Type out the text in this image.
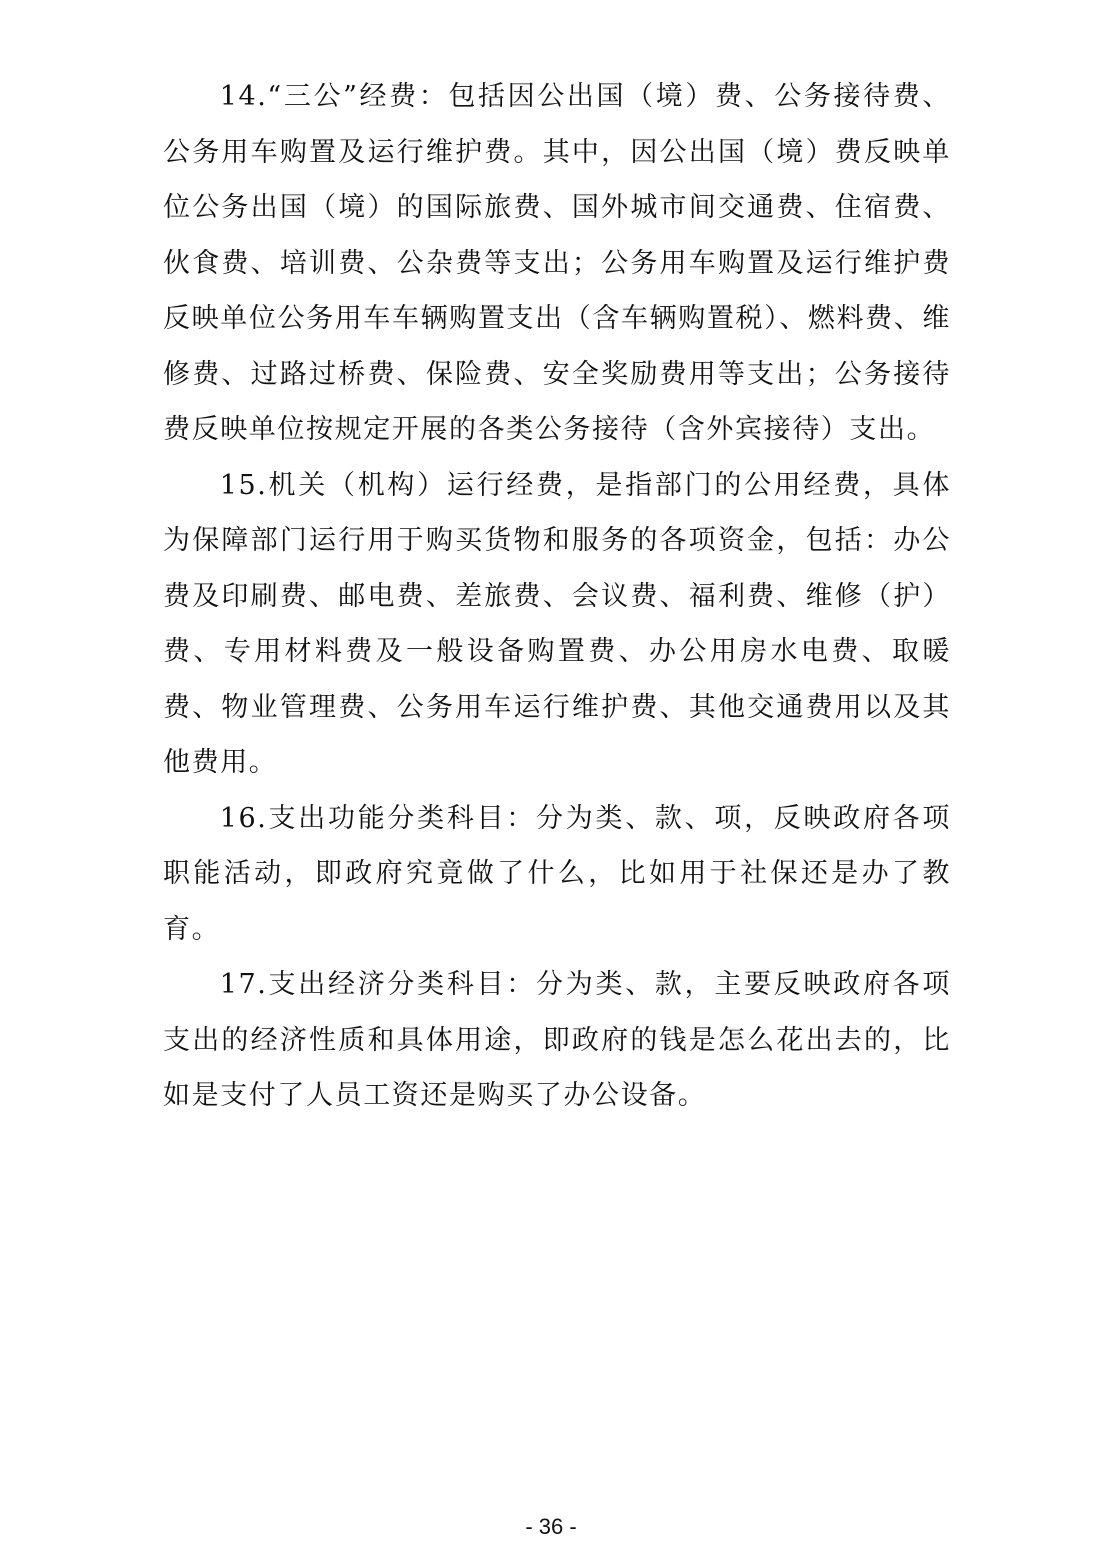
14.“三公”经费：包括因公出国（境）费、公务接待费、公务用车购置及运行维护费。其中，因公出国（境）费反映单位公务出国（境）的国际旅费、国外城市间交通费、住宿费、伙食费、培训费、公杂费等支出；公务用车购置及运行维护费反映单位公务用车车辆购置支出（含车辆购置税）、燃料费、维修费、过路过桥费、保险费、安全奖励费用等支出；公务接待费反映单位按规定开展的各类公务接待（含外宾接待）支出。

15.机关（机构）运行经费，是指部门的公用经费，具体为保障部门运行用于购买货物和服务的各项资金，包括：办公费及印刷费、邮电费、差旅费、会议费、福利费、维修（护）费、专用材料费及一般设备购置费、办公用房水电费、取暖费、物业管理费、公务用车运行维护费、其他交通费用以及其他费用。

16.支出功能分类科目：分为类、款、项，反映政府各项职能活动，即政府究竟做了什么，比如用于社保还是办了教育。

17.支出经济分类科目：分为类、款，主要反映政府各项支出的经济性质和具体用途，即政府的钱是怎么花出去的，比如是支付了人员工资还是购买了办公设备。

- 36 -
